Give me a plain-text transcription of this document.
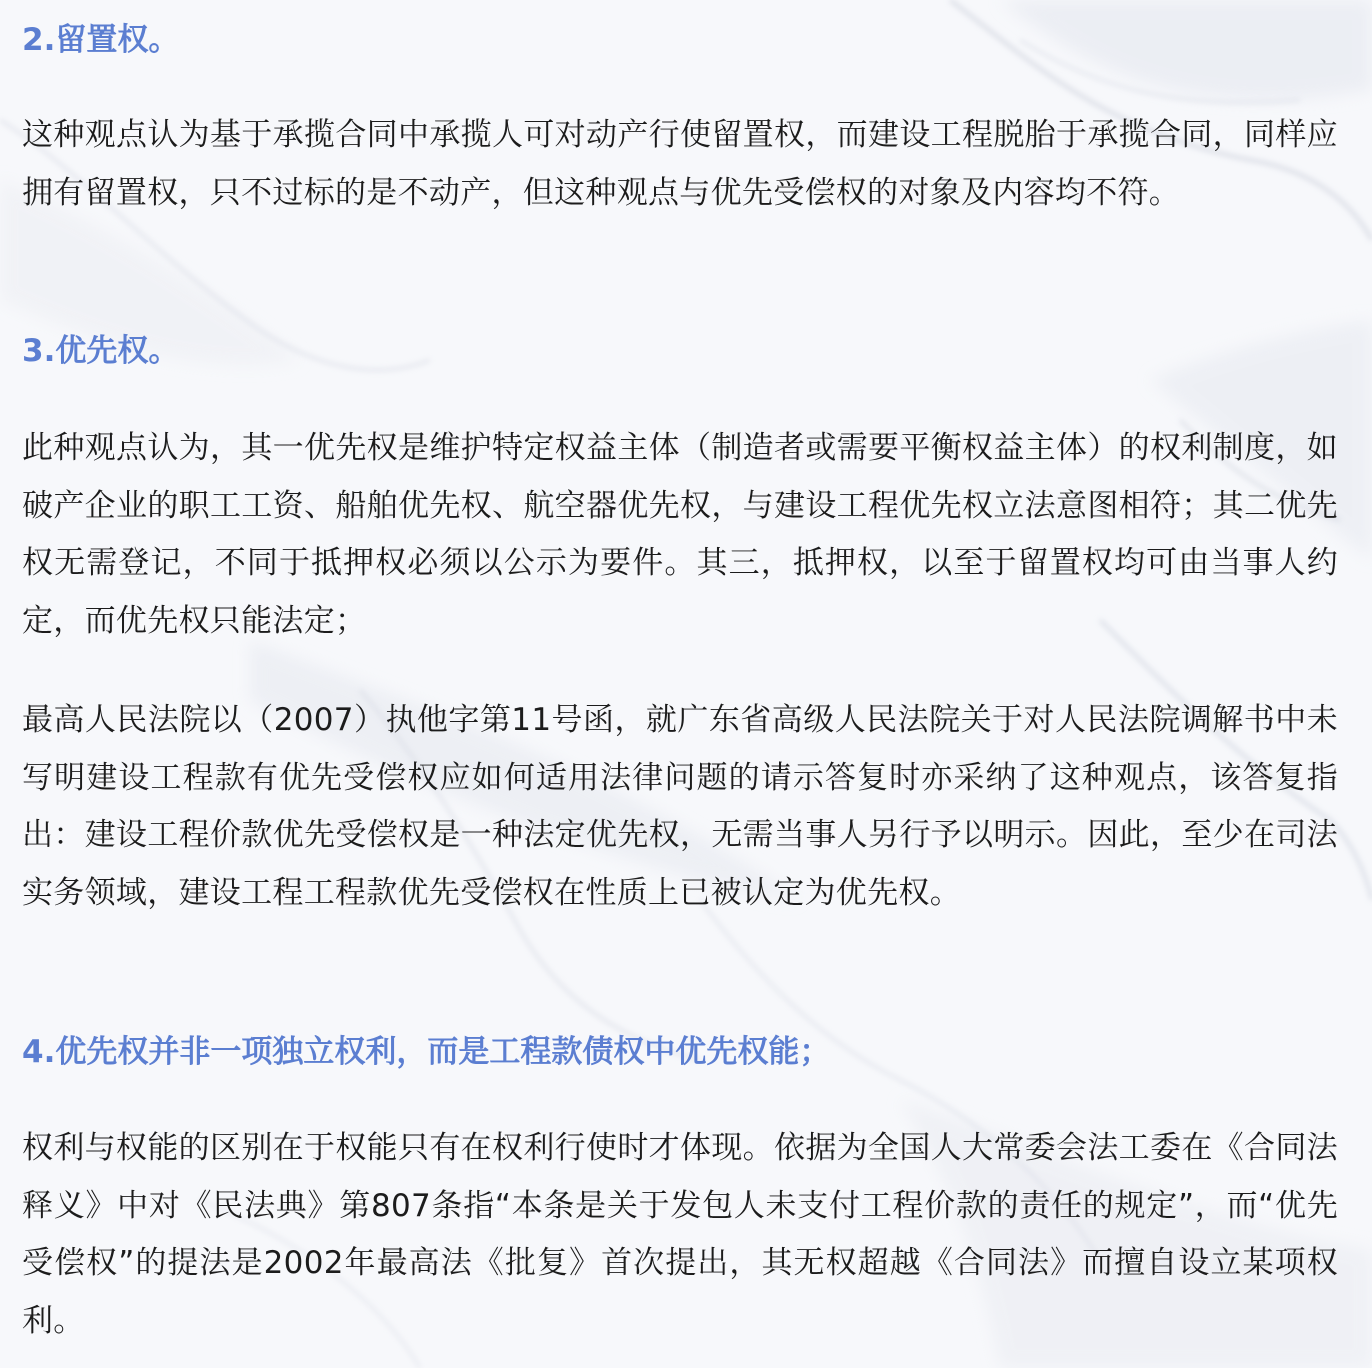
2.留置权。
这种观点认为基于承揽合同中承揽人可对动产行使留置权，而建设工程脱胎于承揽合同，同样应拥有留置权，只不过标的是不动产，但这种观点与优先受偿权的对象及内容均不符。
3.优先权。
此种观点认为，其一优先权是维护特定权益主体（制造者或需要平衡权益主体）的权利制度，如破产企业的职工工资、船舶优先权、航空器优先权，与建设工程优先权立法意图相符；其二优先权无需登记，不同于抵押权必须以公示为要件。其三，抵押权，以至于留置权均可由当事人约定，而优先权只能法定；
最高人民法院以（2007）执他字第11号函，就广东省高级人民法院关于对人民法院调解书中未写明建设工程款有优先受偿权应如何适用法律问题的请示答复时亦采纳了这种观点，该答复指出：建设工程价款优先受偿权是一种法定优先权，无需当事人另行予以明示。因此，至少在司法实务领域，建设工程工程款优先受偿权在性质上已被认定为优先权。
4.优先权并非一项独立权利，而是工程款债权中优先权能；
权利与权能的区别在于权能只有在权利行使时才体现。依据为全国人大常委会法工委在《合同法释义》中对《民法典》第807条指“本条是关于发包人未支付工程价款的责任的规定”，而“优先受偿权”的提法是2002年最高法《批复》首次提出，其无权超越《合同法》而擅自设立某项权利。
